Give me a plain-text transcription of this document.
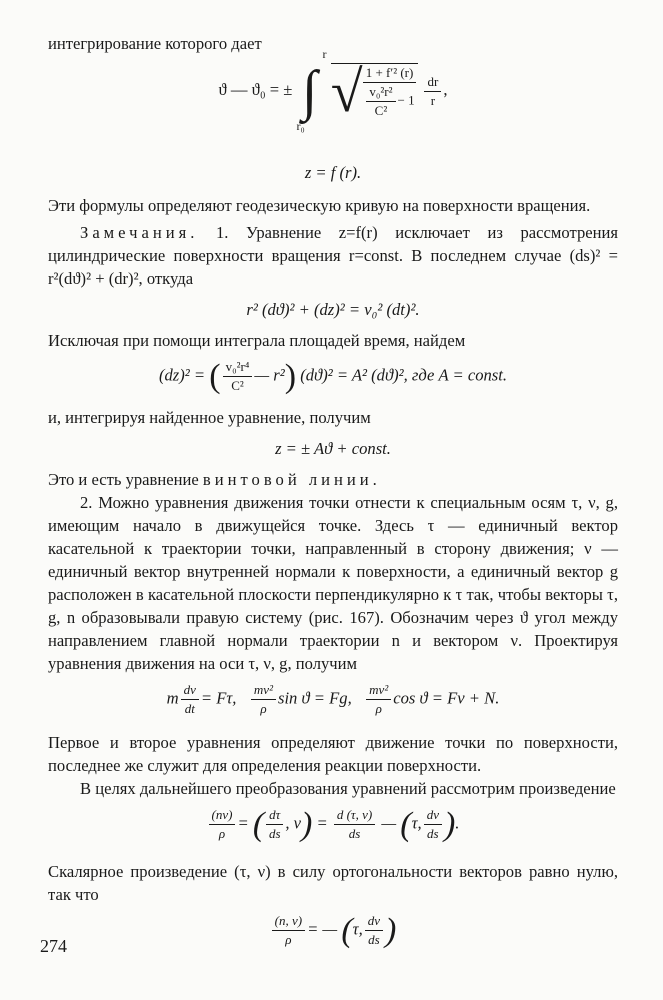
интегрирование которого дает

ϑ — ϑ₀ = ± ∫
r
r₀

√ $\frac{\text{1 + f′² (r)}}{\frac{\text{v₀²r²}}{\text{C²}} - 1}$
$\frac{dr}{r}$ ,

z = f (r).

Эти формулы определяют геодезическую кривую на поверхности вращения.

Замечания. 1. Уравнение z=f(r) исключает из рассмотрения цилиндрические поверхности вращения r=const. В последнем случае (ds)² = r²(dϑ)² + (dr)², откуда

r² (dϑ)² + (dz)² = v₀² (dt)².

Исключая при помощи интеграла площадей время, найдем

(dz)² = ( $\frac{\text{v₀²r⁴}}{\text{C²}}$ — r²) (dϑ)² = A² (dϑ)², где A = const.

и, интегрируя найденное уравнение, получим

z = ± Aϑ + const.

Это и есть уравнение винтовой линии.

2. Можно уравнения движения точки отнести к специальным осям τ, ν, g, имеющим начало в движущейся точке. Здесь τ — единичный вектор касательной к траектории точки, направленный в сторону движения; ν — единичный вектор внутренней нормали к поверхности, а единичный вектор g расположен в касательной плоскости перпендикулярно к τ так, чтобы векторы τ, g, n образовывали правую систему (рис. 167). Обозначим через ϑ угол между направлением главной нормали траектории n и вектором ν. Проектируя уравнения движения на оси τ, ν, g, получим

m $\frac{dv}{dt} = F\tau$, $\frac{\text{mv²}}{\rho}$ sin ϑ = Fg, $\frac{\text{mv²}}{\rho}$ cos ϑ = Fν + N.

Первое и второе уравнения определяют движение точки по поверхности, последнее же служит для определения реакции поверхности.

В целях дальнейшего преобразования уравнений рассмотрим произведение

$\frac{(n\nu)}{\rho}$ = ( $\frac{d\tau}{ds}$ , $\nu) = \frac{d (\tau, \nu)}{ds}$ — (τ, $\frac{d\nu}{ds}$ ).

Скалярное произведение (τ, ν) в силу ортогональности векторов равно нулю, так что

$\frac{(n, \nu)}{\rho}$ = — (τ, $\frac{d\nu}{ds}$ )
274
